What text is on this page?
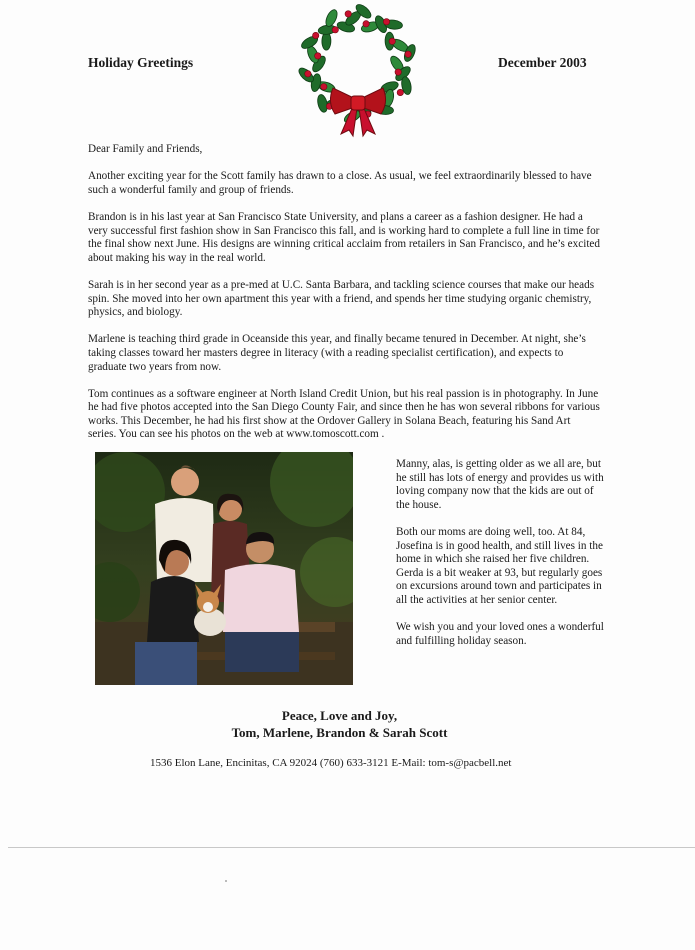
Holiday Greetings	December 2003

Dear Family and Friends,

Another exciting year for the Scott family has drawn to a close. As usual, we feel extraordinarily blessed to have such a wonderful family and group of friends.

Brandon is in his last year at San Francisco State University, and plans a career as a fashion designer. He had a very successful first fashion show in San Francisco this fall, and is working hard to complete a full line in time for the final show next June. His designs are winning critical acclaim from retailers in San Francisco, and he’s excited about making his way in the real world.

Sarah is in her second year as a pre-med at U.C. Santa Barbara, and tackling science courses that make our heads spin. She moved into her own apartment this year with a friend, and spends her time studying organic chemistry, physics, and biology.

Marlene is teaching third grade in Oceanside this year, and finally became tenured in December. At night, she’s taking classes toward her masters degree in literacy (with a reading specialist certification), and expects to graduate two years from now.

Tom continues as a software engineer at North Island Credit Union, but his real passion is in photography. In June he had five photos accepted into the San Diego County Fair, and since then he has won several ribbons for various works. This December, he had his first show at the Ordover Gallery in Solana Beach, featuring his Sand Art series. You can see his photos on the web at www.tomoscott.com .

Manny, alas, is getting older as we all are, but he still has lots of energy and provides us with loving company now that the kids are out of the house.

Both our moms are doing well, too. At 84, Josefina is in good health, and still lives in the home in which she raised her five children. Gerda is a bit weaker at 93, but regularly goes on excursions around town and participates in all the activities at her senior center.

We wish you and your loved ones a wonderful and fulfilling holiday season.

Peace, Love and Joy,
Tom, Marlene, Brandon & Sarah Scott
1536 Elon Lane, Encinitas, CA 92024 (760) 633-3121 E-Mail: tom-s@pacbell.net
